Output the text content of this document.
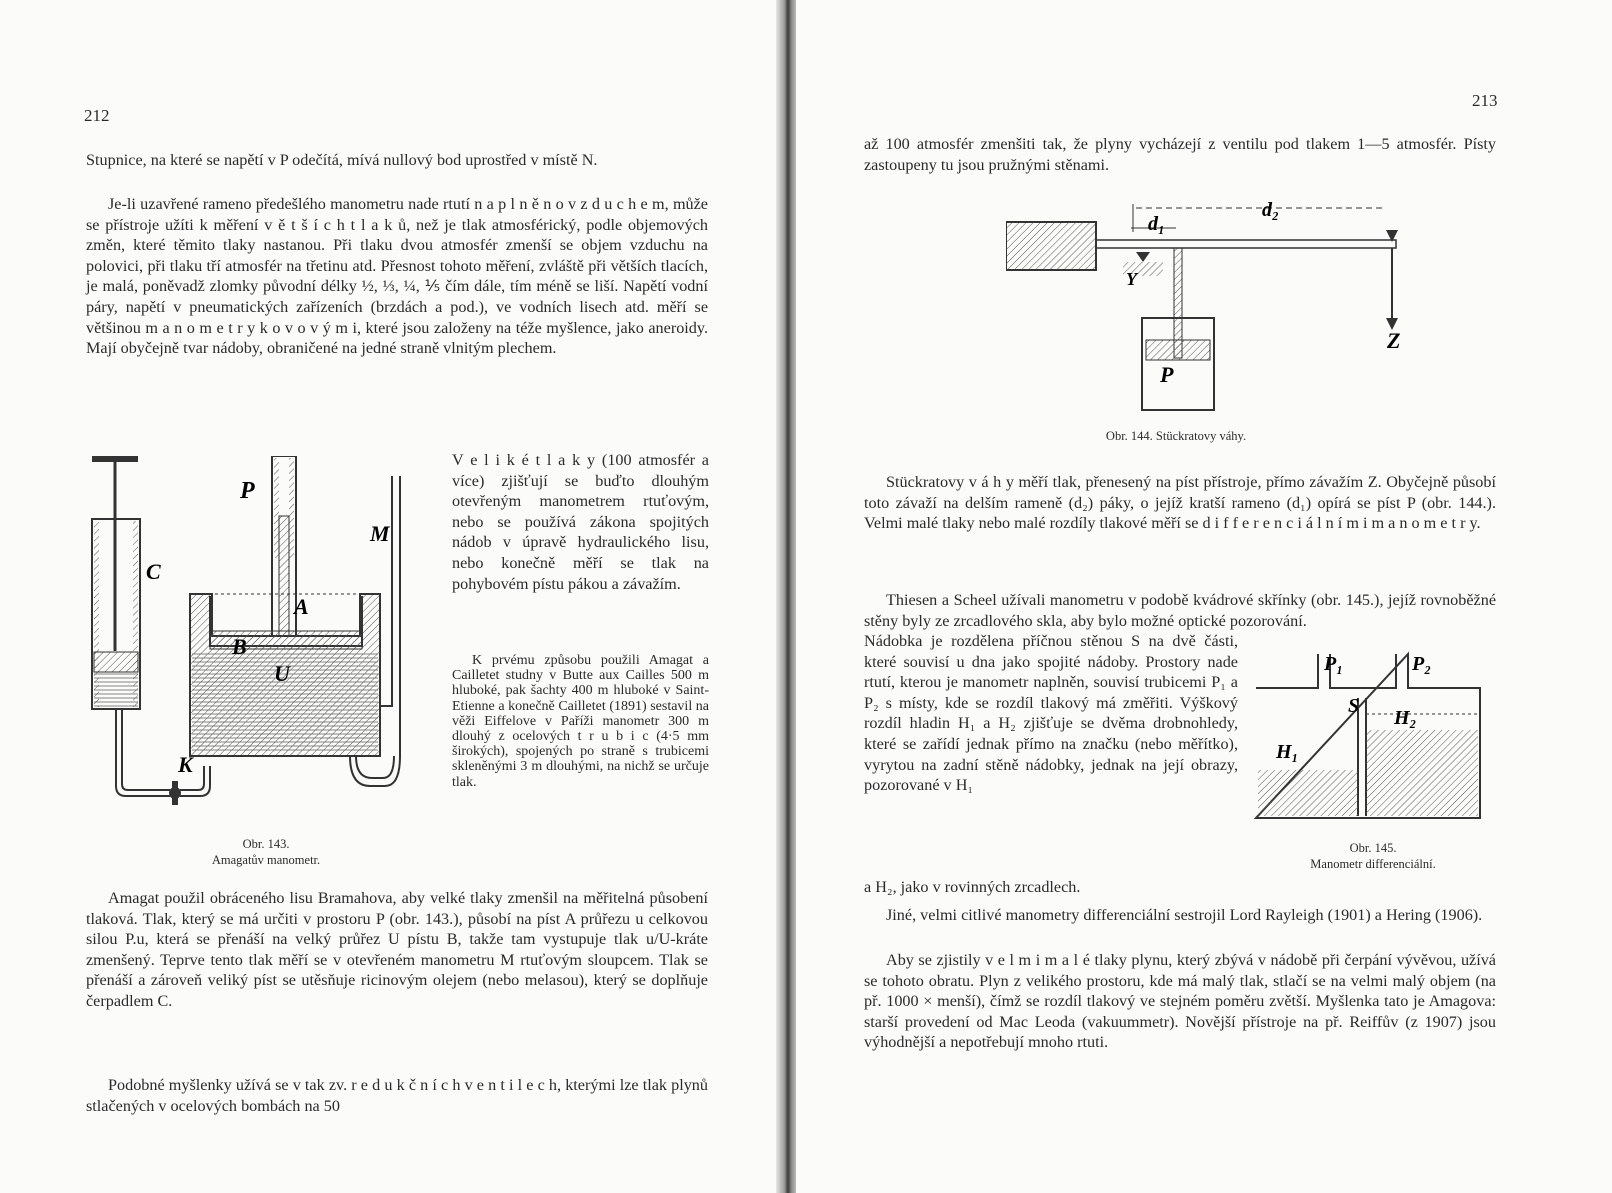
212

Stupnice, na které se napětí v P odečítá, mívá nullový bod uprostřed v místě N.

Je-li uzavřené rameno předešlého manometru nade rtutí n a p l n ě n o v z d u c h e m, může se přístroje užíti k měření v ě t š í c h t l a k ů, než je tlak atmosférický, podle objemových změn, které těmito tlaky nastanou. Při tlaku dvou atmosfér zmenší se objem vzduchu na polovici, při tlaku tří atmosfér na třetinu atd. Přesnost tohoto měření, zvláště při větších tlacích, je malá, poněvadž zlomky původní délky ½, ⅓, ¼, ⅕ čím dále, tím méně se liší. Napětí vodní páry, napětí v pneumatických zařízeních (brzdách a pod.), ve vodních lisech atd. měří se většinou m a n o m e t r y k o v o v ý m i, které jsou založeny na téže myšlence, jako aneroidy. Mají obyčejně tvar nádoby, obraničené na jedné straně vlnitým plechem.

C
P
M
A
B
U
K
Obr. 143.
Amagatův manometr.

V e l i k é t l a k y (100 atmosfér a více) zjišťují se buďto dlouhým otevřeným manometrem rtuťovým, nebo se používá zákona spojitých nádob v úpravě hydraulického lisu, nebo konečně měří se tlak na pohybovém pístu pákou a závažím.

K prvému způsobu použili Amagat a Cailletet studny v Butte aux Cailles 500 m hluboké, pak šachty 400 m hluboké v Saint-Etienne a konečně Cailletet (1891) sestavil na věži Eiffelove v Paříži manometr 300 m dlouhý z ocelových t r u b i c (4·5 mm širokých), spojených po straně s trubicemi skleněnými 3 m dlouhými, na nichž se určuje tlak.

Amagat použil obráceného lisu Bramahova, aby velké tlaky zmenšil na měřitelná působení tlaková. Tlak, který se má určiti v prostoru P (obr. 143.), působí na píst A průřezu u celkovou silou P.u, která se přenáší na velký průřez U pístu B, takže tam vystupuje tlak u/U-kráte zmenšený. Teprve tento tlak měří se v otevřeném manometru M rtuťovým sloupcem. Tlak se přenáší a zároveň veliký píst se utěsňuje ricinovým olejem (nebo melasou), který se doplňuje čerpadlem C.

Podobné myšlenky užívá se v tak zv. r e d u k č n í c h v e n t i l e c h, kterými lze tlak plynů stlačených v ocelových bombách na 50

213

až 100 atmosfér zmenšiti tak, že plyny vycházejí z ventilu pod tlakem 1—5 atmosfér. Písty zastoupeny tu jsou pružnými stěnami.

d₁
d₂
Y
Z
P
Obr. 144. Stückratovy váhy.

Stückratovy v á h y měří tlak, přenesený na píst přístroje, přímo závažím Z. Obyčejně působí toto závaží na delším rameně (d₂) páky, o jejíž kratší rameno (d₁) opírá se píst P (obr. 144.). Velmi malé tlaky nebo malé rozdíly tlakové měří se d i f f e r e n c i á l n í m i m a n o m e t r y.

Thiesen a Scheel užívali manometru v podobě kvádrové skřínky (obr. 145.), jejíž rovnoběžné stěny byly ze zrcadlového skla, aby bylo možné optické pozorování.

Nádobka je rozdělena příčnou stěnou S na dvě části, které souvisí u dna jako spojité nádoby. Prostory nade rtutí, kterou je manometr naplněn, souvisí trubicemi P₁ a P₂ s místy, kde se rozdíl tlakový má změřiti. Výškový rozdíl hladin H₁ a H₂ zjišťuje se dvěma drobnohledy, které se zařídí jednak přímo na značku (nebo měřítko), vyrytou na zadní stěně nádobky, jednak na její obrazy, pozorované v H₁

a H₂, jako v rovinných zrcadlech.

P₁	P₂
S
H₁
H₂
Obr. 145.
Manometr differenciální.

Jiné, velmi citlivé manometry differenciální sestrojil Lord Rayleigh (1901) a Hering (1906).

Aby se zjistily v e l m i m a l é tlaky plynu, který zbývá v nádobě při čerpání vývěvou, užívá se tohoto obratu. Plyn z velikého prostoru, kde má malý tlak, stlačí se na velmi malý objem (na př. 1000 × menší), čímž se rozdíl tlakový ve stejném poměru zvětší. Myšlenka tato je Amagova: starší provedení od Mac Leoda (vakuummetr). Novější přístroje na př. Reiffův (z 1907) jsou výhodnější a nepotřebují mnoho rtuti.
